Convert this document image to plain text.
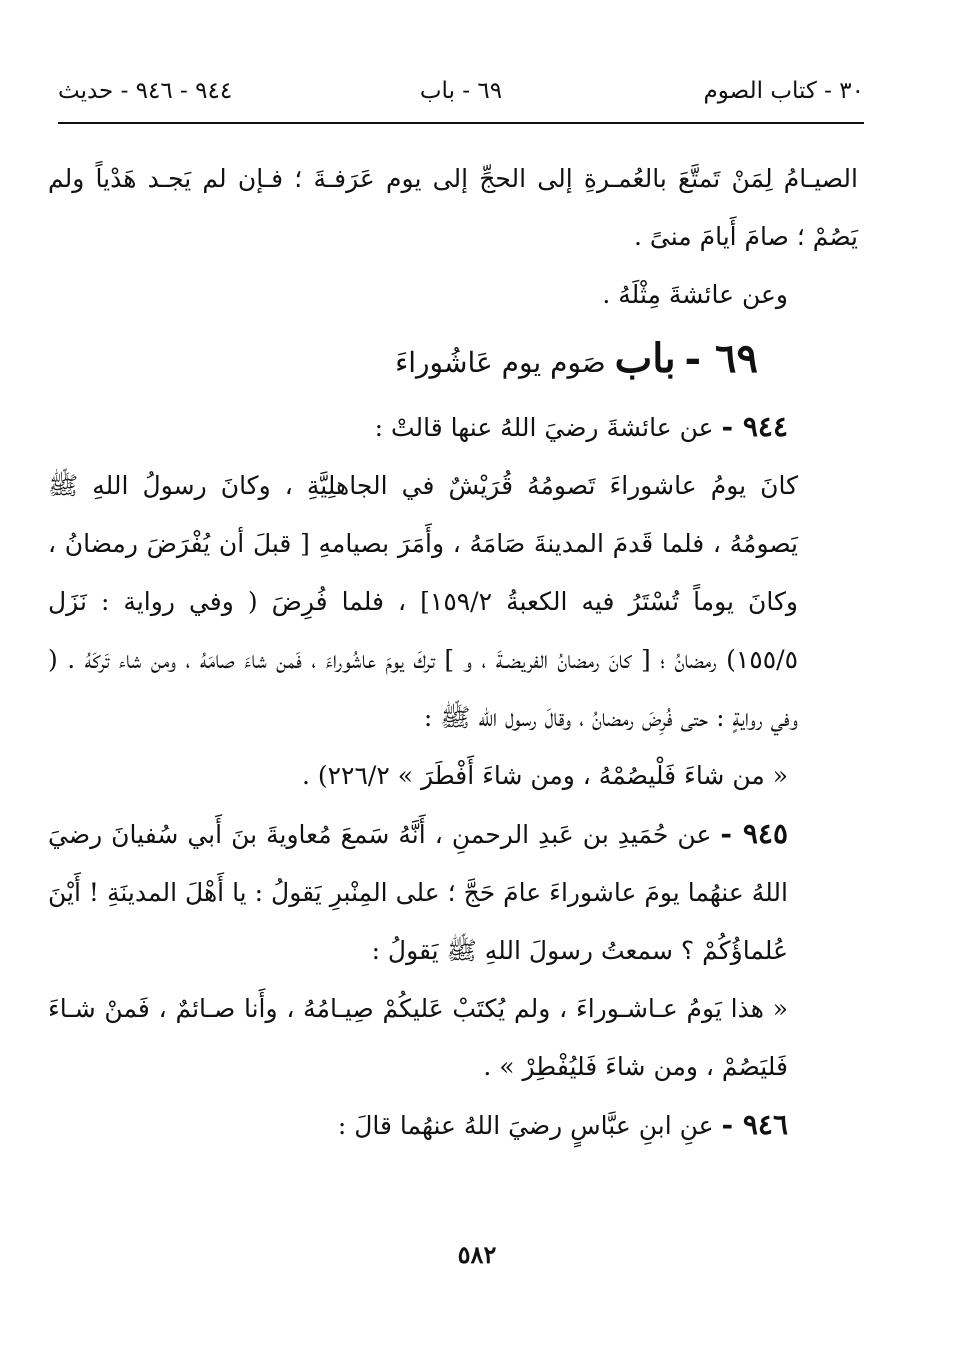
٣٠ - كتاب الصوم
٦٩ - باب
٩٤٤ - ٩٤٦ - حديث

الصيـامُ لِمَنْ تَمتَّعَ بالعُمـرةِ إلى الحجِّ إلى يوم عَرَفـةَ ؛ فـإن لم يَجـد هَدْياً ولم يَصُمْ ؛ صامَ أَيامَ منىً .

وعن عائشةَ مِثْلَهُ .

٦٩ - باب صَوم يوم عَاشُوراءَ

٩٤٤ - عن عائشةَ رضيَ اللهُ عنها قالتْ :

كانَ يومُ عاشوراءَ تَصومُهُ قُرَيْشٌ في الجاهلِيَّةِ ، وكانَ رسولُ اللهِ ﷺ يَصومُهُ ، فلما قَدمَ المدينةَ صَامَهُ ، وأَمَرَ بصيامهِ [ قبلَ أن يُفْرَضَ رمضانُ ، وكانَ يوماً تُسْتَرُ فيه الكعبةُ ١٥٩/٢] ، فلما فُرِضَ ( وفي رواية : نَزَل ١٥٥/٥) رمضانُ ؛ [ كانَ رمضانُ الفريضـةَ ، و ] تركَ يومَ عاشُوراءَ ، فَمن شاءَ صامَهُ ، ومن شاء تَركَهُ . ( وفي روايةٍ : حتى فُرِضَ رمضانُ ، وقالَ رسول الله ﷺ :

« من شاءَ فَلْيصُمْهُ ، ومن شاءَ أَفْطَرَ » ٢٢٦/٢) .

٩٤٥ - عن حُمَيدِ بن عَبدِ الرحمنِ ، أَنَّهُ سَمعَ مُعاويةَ بنَ أَبي سُفيانَ رضيَ اللهُ عنهُما يومَ عاشوراءَ عامَ حَجَّ ؛ على المِنْبرِ يَقولُ : يا أَهْلَ المدينَةِ ! أَيْنَ عُلماؤُكُمْ ؟ سمعتُ رسولَ اللهِ ﷺ يَقولُ :

« هذا يَومُ عـاشـوراءَ ، ولم يُكتَبْ عَليكُمْ صِيـامُهُ ، وأَنا صـائمٌ ، فَمنْ شـاءَ فَليَصُمْ ، ومن شاءَ فَليُفْطِرْ » .

٩٤٦ - عنِ ابنِ عبَّاسٍ رضيَ اللهُ عنهُما قالَ :

٥٨٢
